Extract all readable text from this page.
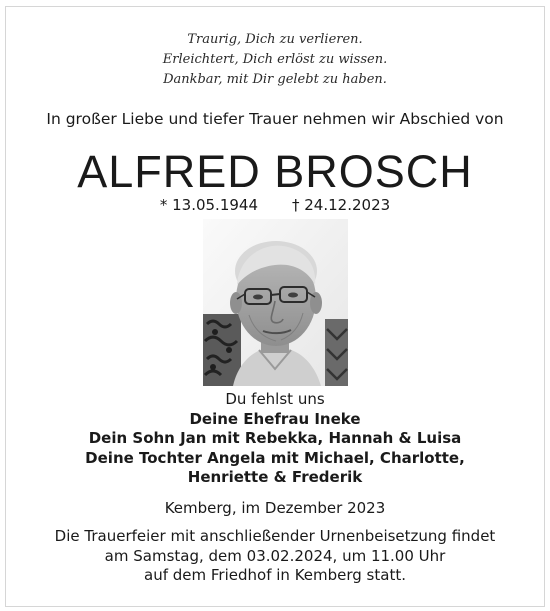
Traurig, Dich zu verlieren.
Erleichtert, Dich erlöst zu wissen.
Dankbar, mit Dir gelebt zu haben.
In großer Liebe und tiefer Trauer nehmen wir Abschied von
ALFRED BROSCH
* 13.05.1944 † 24.12.2023
Du fehlst uns
Deine Ehefrau Ineke
Dein Sohn Jan mit Rebekka, Hannah & Luisa
Deine Tochter Angela mit Michael, Charlotte,
Henriette & Frederik
Kemberg, im Dezember 2023
Die Trauerfeier mit anschließender Urnenbeisetzung findet
am Samstag, dem 03.02.2024, um 11.00 Uhr
auf dem Friedhof in Kemberg statt.
